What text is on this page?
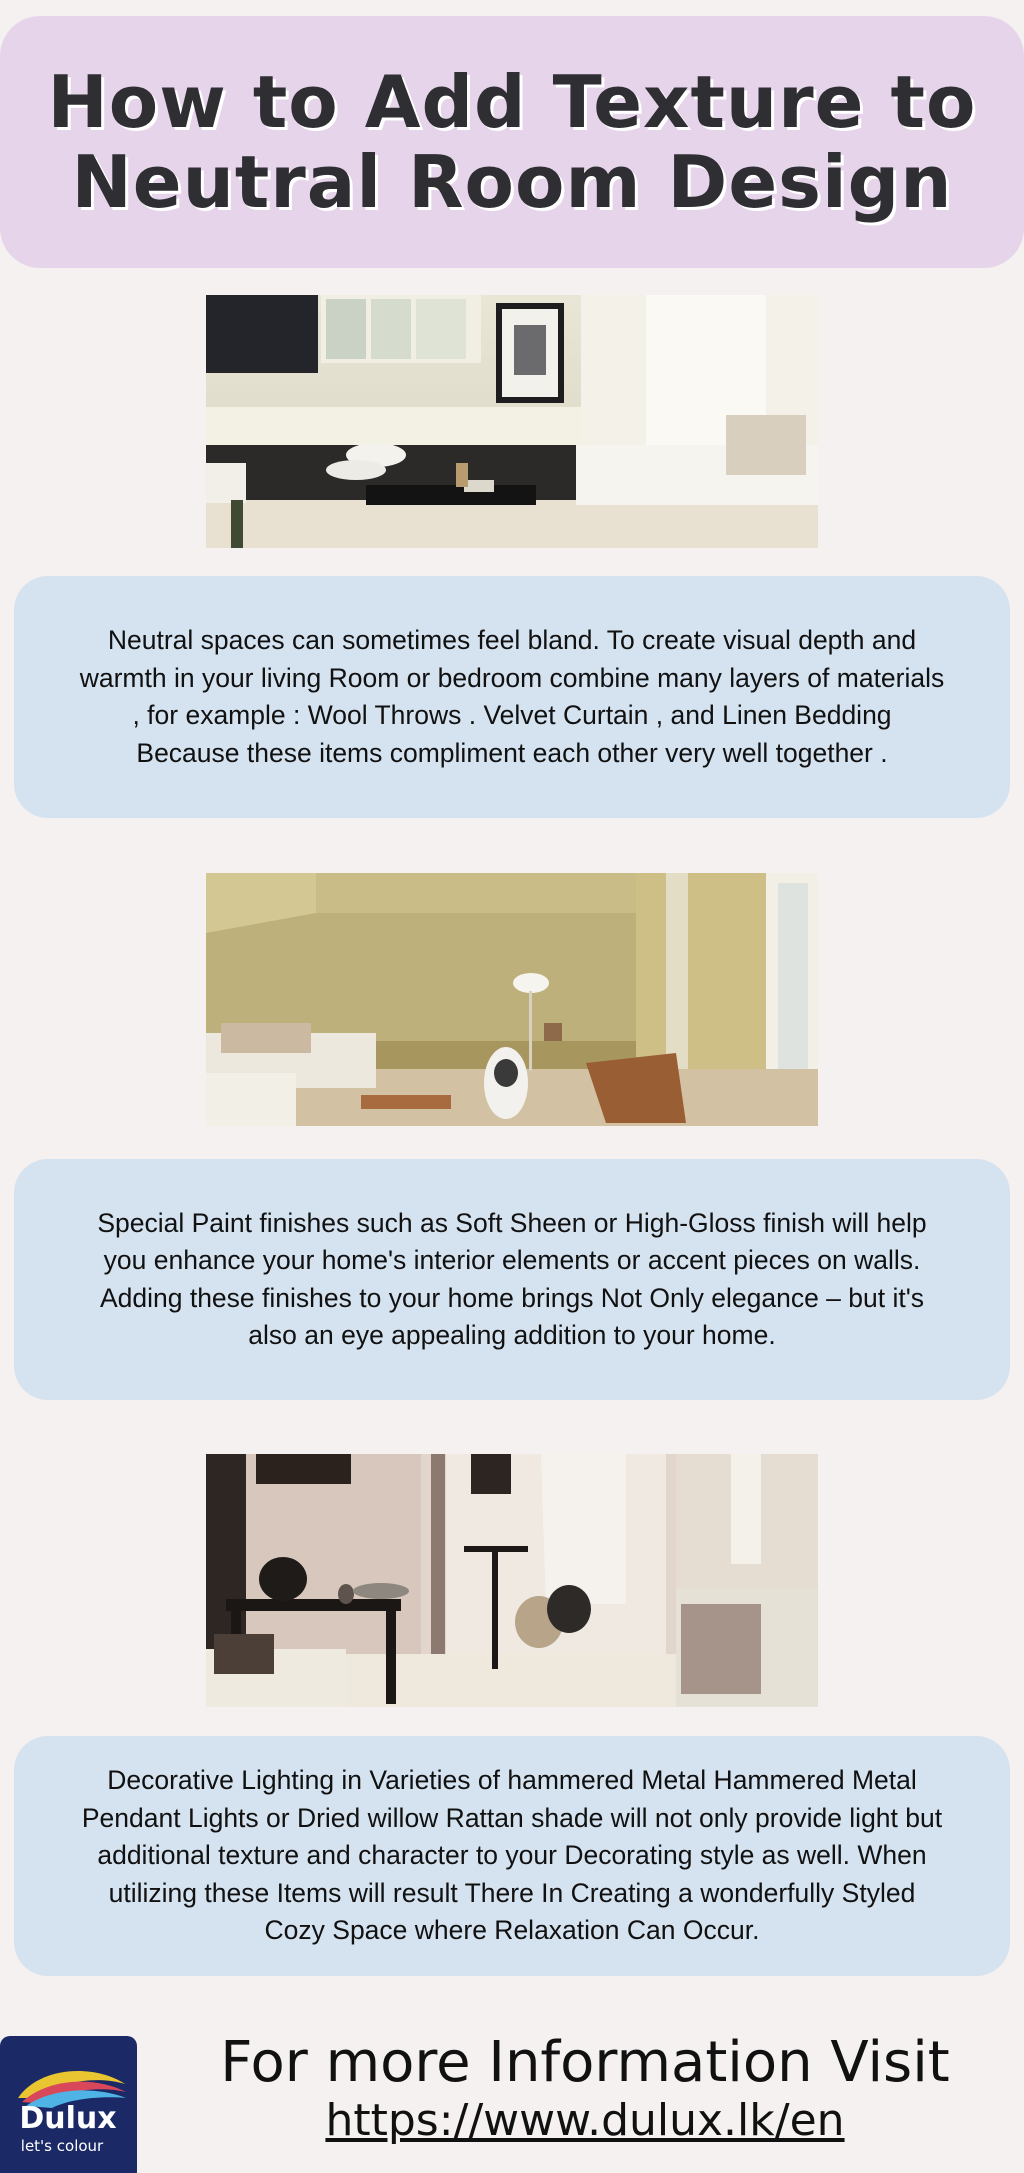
How to Add Texture to
Neutral Room Design

Neutral spaces can sometimes feel bland. To create visual depth and warmth in your living Room or bedroom combine many layers of materials , for example : Wool Throws . Velvet Curtain , and Linen Bedding Because these items compliment each other very well together .

Special Paint finishes such as Soft Sheen or High-Gloss finish will help you enhance your home's interior elements or accent pieces on walls. Adding these finishes to your home brings Not Only elegance – but it's also an eye appealing addition to your home.

Decorative Lighting in Varieties of hammered Metal Hammered Metal Pendant Lights or Dried willow Rattan shade will not only provide light but additional texture and character to your Decorating style as well. When utilizing these Items will result There In Creating a wonderfully Styled Cozy Space where Relaxation Can Occur.

Dulux
let's colour
For more Information Visit
https://www.dulux.lk/en
